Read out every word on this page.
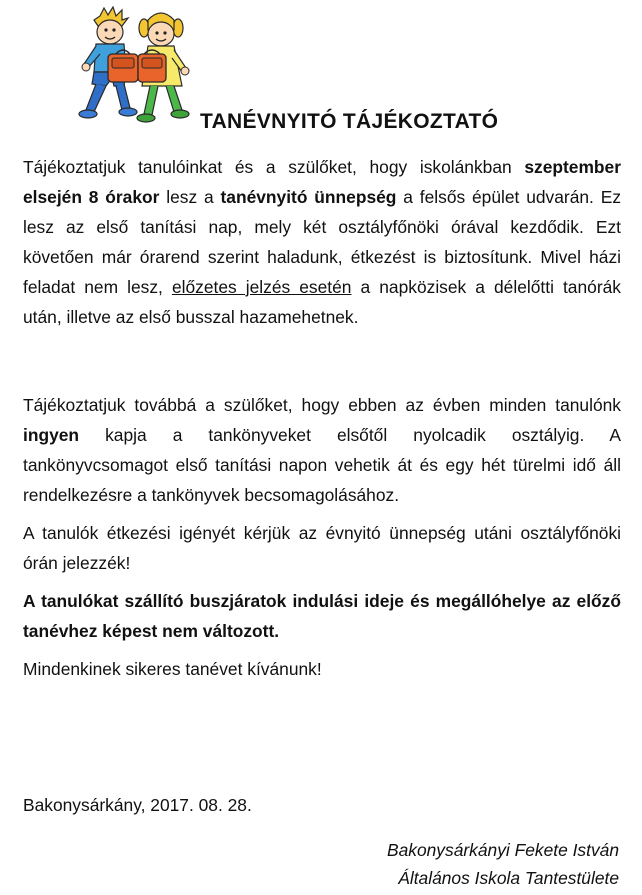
TANÉVNYITÓ TÁJÉKOZTATÓ

Tájékoztatjuk tanulóinkat és a szülőket, hogy iskolánkban szeptember elsején 8 órakor lesz a tanévnyitó ünnepség a felsős épület udvarán. Ez lesz az első tanítási nap, mely két osztályfőnöki órával kezdődik. Ezt követően már órarend szerint haladunk, étkezést is biztosítunk. Mivel házi feladat nem lesz, előzetes jelzés esetén a napközisek a délelőtti tanórák után, illetve az első busszal hazamehetnek.

Tájékoztatjuk továbbá a szülőket, hogy ebben az évben minden tanulónk ingyen kapja a tankönyveket elsőtől nyolcadik osztályig. A tankönyvcsomagot első tanítási napon vehetik át és egy hét türelmi idő áll rendelkezésre a tankönyvek becsomagolásához.

A tanulók étkezési igényét kérjük az évnyitó ünnepség utáni osztályfőnöki órán jelezzék!

A tanulókat szállító buszjáratok indulási ideje és megállóhelye az előző tanévhez képest nem változott.

Mindenkinek sikeres tanévet kívánunk!

Bakonysárkány, 2017. 08. 28.
Bakonysárkányi Fekete István
Általános Iskola Tantestülete
